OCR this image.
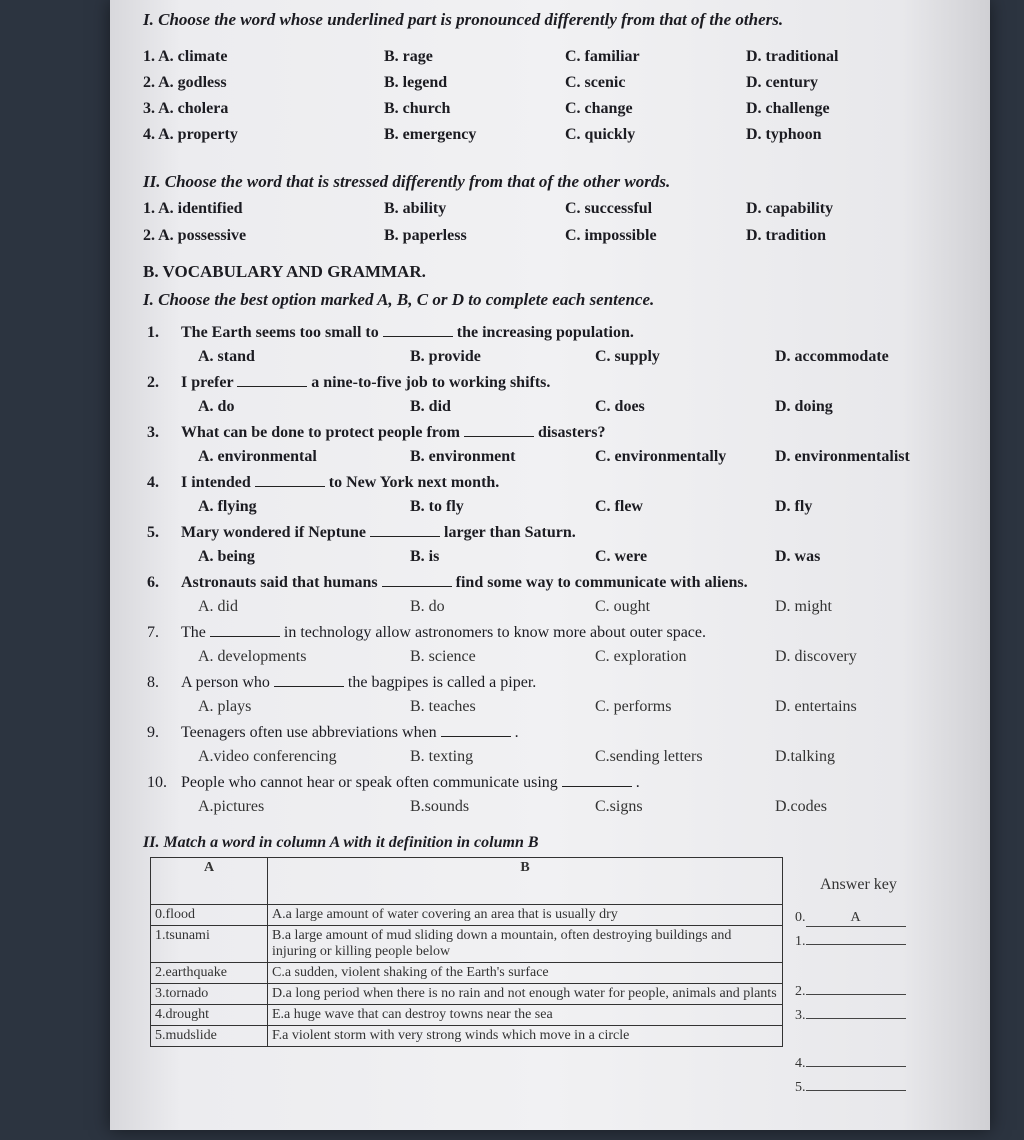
I. Choose the word whose underlined part is pronounced differently from that of the others.
1. A. climate	B. rage	C. familiar	D. traditional
2. A. godless	B. legend	C. scenic	D. century
3. A. cholera	B. church	C. change	D. challenge
4. A. property	B. emergency	C. quickly	D. typhoon
II. Choose the word that is stressed differently from that of the other words.
1. A. identified	B. ability	C. successful	D. capability
2. A. possessive	B. paperless	C. impossible	D. tradition
B. VOCABULARY AND GRAMMAR.
I. Choose the best option marked A, B, C or D to complete each sentence.
1. The Earth seems too small to	the increasing population.
A. stand	B. provide	C. supply	D. accommodate
2. I prefer	a nine-to-five job to working shifts.
A. do	B. did	C. does	D. doing
3. What can be done to protect people from	disasters?
A. environmental	B. environment	C. environmentally	D. environmentalist
4. I intended	to New York next month.
A. flying	B. to fly	C. flew	D. fly
5. Mary wondered if Neptune	larger than Saturn.
A. being	B. is	C. were	D. was
6. Astronauts said that humans	find some way to communicate with aliens.
A. did	B. do	C. ought	D. might
7. The	in technology allow astronomers to know more about outer space.
A. developments	B. science	C. exploration	D. discovery
8. A person who	the bagpipes is called a piper.
A. plays	B. teaches	C. performs	D. entertains
9. Teenagers often use abbreviations when	.
A.video conferencing	B. texting	C.sending letters	D.talking
10. People who cannot hear or speak often communicate using	.
A.pictures	B.sounds	C.signs	D.codes
II. Match a word in column A with it definition in column B
Answer key
A	B
0.flood	A.a large amount of water covering an area that is usually dry
1.tsunami	B.a large amount of mud sliding down a mountain, often destroying buildings and injuring or killing people below
2.earthquake	C.a sudden, violent shaking of the Earth's surface
3.tornado	D.a long period when there is no rain and not enough water for people, animals and plants
4.drought	E.a huge wave that can destroy towns near the sea
5.mudslide	F.a violent storm with very strong winds which move in a circle
0.	A
1.
2.
3.
4.
5.
